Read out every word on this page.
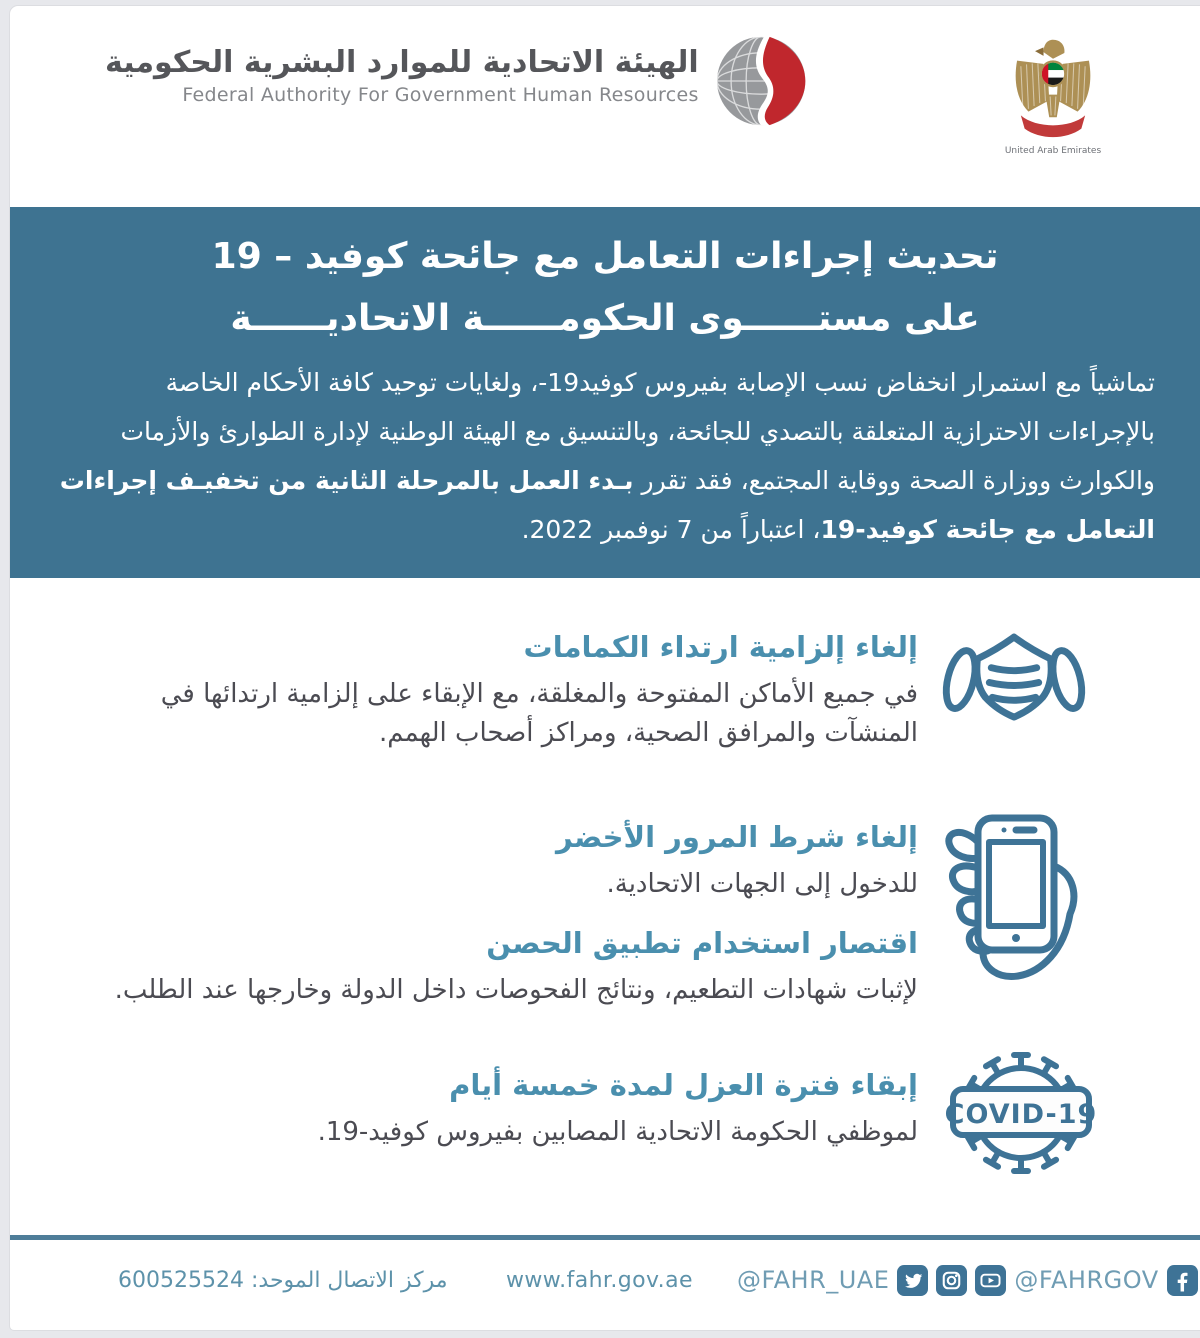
الهيئة الاتحادية للموارد البشرية الحكومية
Federal Authority For Government Human Resources
United Arab Emirates
تحديث إجراءات التعامل مع جائحة كوفيد – 19
على مستــــــوى الحكومــــــة الاتحاديــــــة

تماشياً مع استمرار انخفاض نسب الإصابة بفيروس كوفيد19-، ولغايات توحيد كافة الأحكام الخاصة بالإجراءات الاحترازية المتعلقة بالتصدي للجائحة، وبالتنسيق مع الهيئة الوطنية لإدارة الطوارئ والأزمات والكوارث ووزارة الصحة ووقاية المجتمع، فقد تقرر بـدء العمل بالمرحلة الثانية من تخفيـف إجراءات التعامل مع جائحة كوفيد-19، اعتباراً من 7 نوفمبر 2022.

إلغاء إلزامية ارتداء الكمامات
في جميع الأماكن المفتوحة والمغلقة، مع الإبقاء على إلزامية ارتدائها في المنشآت والمرافق الصحية، ومراكز أصحاب الهمم.
إلغاء شرط المرور الأخضر
للدخول إلى الجهات الاتحادية.
اقتصار استخدام تطبيق الحصن
لإثبات شهادات التطعيم، ونتائج الفحوصات داخل الدولة وخارجها عند الطلب.
إبقاء فترة العزل لمدة خمسة أيام
لموظفي الحكومة الاتحادية المصابين بفيروس كوفيد-19.
COVID-19
مركز الاتصال الموحد: 600525524	www.fahr.gov.ae @FAHR_UAE	@FAHRGOV
